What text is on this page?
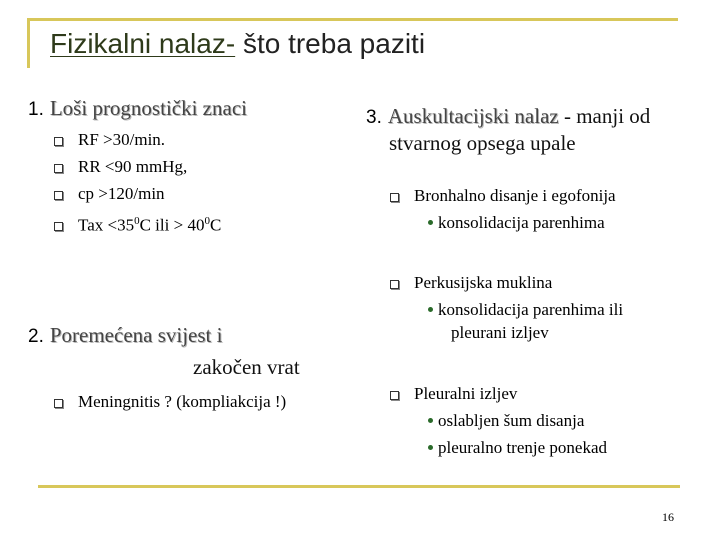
Fizikalni nalaz- što treba paziti
1. Loši prognostički znaci
RF >30/min.
RR <90 mmHg,
cp >120/min
Tax $<35^0C$ ili > $40^0C$
2. Poremećena svijest i
zakočen vrat
Meningnitis ? (kompliakcija !)
3. Auskultacijski nalaz - manji od
stvarnog opsega upale
Bronhalno disanje i egofonija
konsolidacija parenhima
Perkusijska muklina
konsolidacija parenhima ili
pleurani izljev
Pleuralni izljev
oslabljen šum disanja
pleuralno trenje ponekad
16
